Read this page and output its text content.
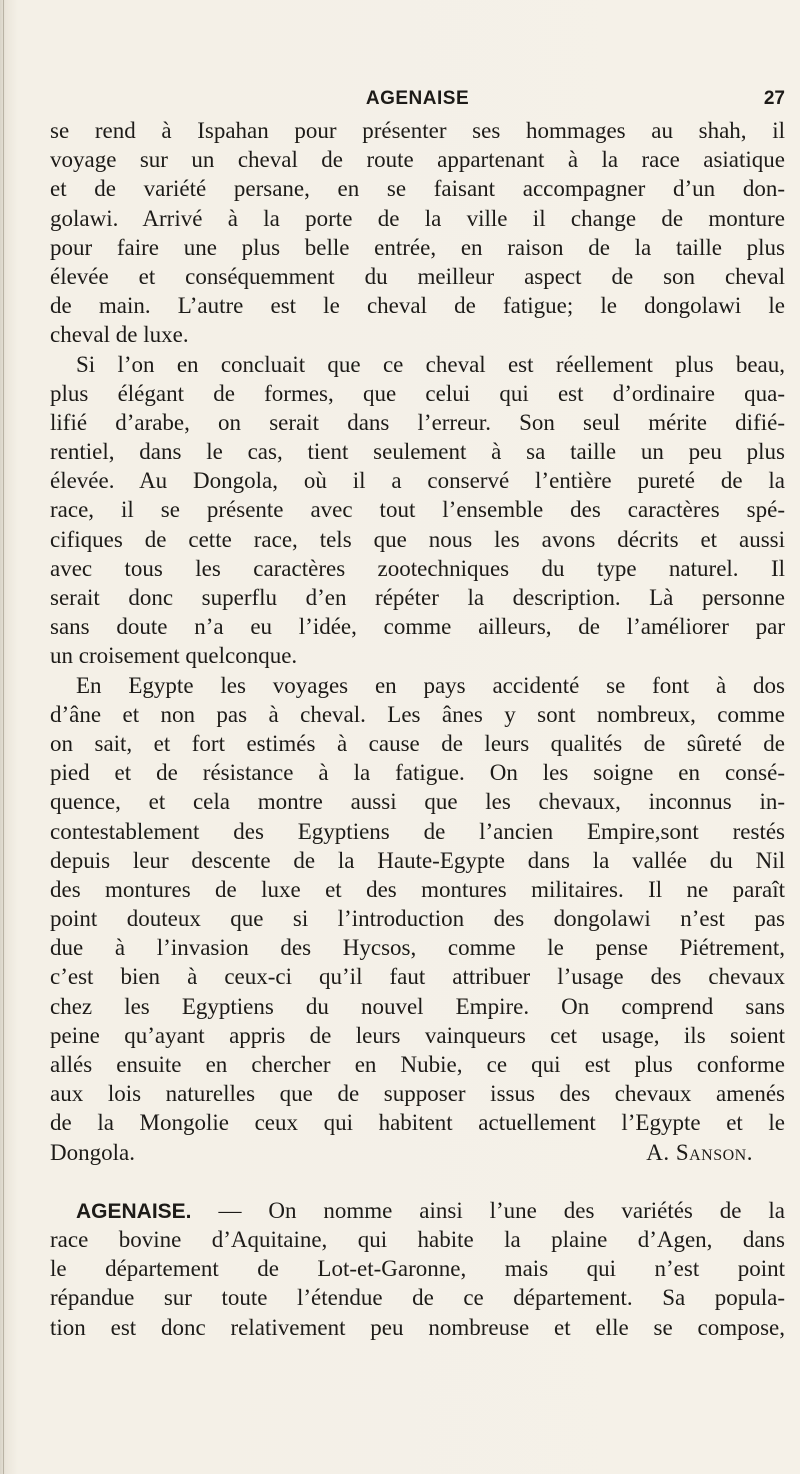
AGENAISE	27
se rend à Ispahan pour présenter ses hommages au shah, il
voyage sur un cheval de route appartenant à la race asiatique
et de variété persane, en se faisant accompagner d’un don-
golawi. Arrivé à la porte de la ville il change de monture
pour faire une plus belle entrée, en raison de la taille plus
élevée et conséquemment du meilleur aspect de son cheval
de main. L’autre est le cheval de fatigue; le dongolawi le
cheval de luxe.
Si l’on en concluait que ce cheval est réellement plus beau,
plus élégant de formes, que celui qui est d’ordinaire qua-
lifié d’arabe, on serait dans l’erreur. Son seul mérite difié-
rentiel, dans le cas, tient seulement à sa taille un peu plus
élevée. Au Dongola, où il a conservé l’entière pureté de la
race, il se présente avec tout l’ensemble des caractères spé-
cifiques de cette race, tels que nous les avons décrits et aussi
avec tous les caractères zootechniques du type naturel. Il
serait donc superflu d’en répéter la description. Là personne
sans doute n’a eu l’idée, comme ailleurs, de l’améliorer par
un croisement quelconque.
En Egypte les voyages en pays accidenté se font à dos
d’âne et non pas à cheval. Les ânes y sont nombreux, comme
on sait, et fort estimés à cause de leurs qualités de sûreté de
pied et de résistance à la fatigue. On les soigne en consé-
quence, et cela montre aussi que les chevaux, inconnus in-
contestablement des Egyptiens de l’ancien Empire,sont restés
depuis leur descente de la Haute-Egypte dans la vallée du Nil
des montures de luxe et des montures militaires. Il ne paraît
point douteux que si l’introduction des dongolawi n’est pas
due à l’invasion des Hycsos, comme le pense Piétrement,
c’est bien à ceux-ci qu’il faut attribuer l’usage des chevaux
chez les Egyptiens du nouvel Empire. On comprend sans
peine qu’ayant appris de leurs vainqueurs cet usage, ils soient
allés ensuite en chercher en Nubie, ce qui est plus conforme
aux lois naturelles que de supposer issus des chevaux amenés
de la Mongolie ceux qui habitent actuellement l’Egypte et le
Dongola.	A. Sanson.
AGENAISE. — On nomme ainsi l’une des variétés de la
race bovine d’Aquitaine, qui habite la plaine d’Agen, dans
le département de Lot-et-Garonne, mais qui n’est point
répandue sur toute l’étendue de ce département. Sa popula-
tion est donc relativement peu nombreuse et elle se compose,
